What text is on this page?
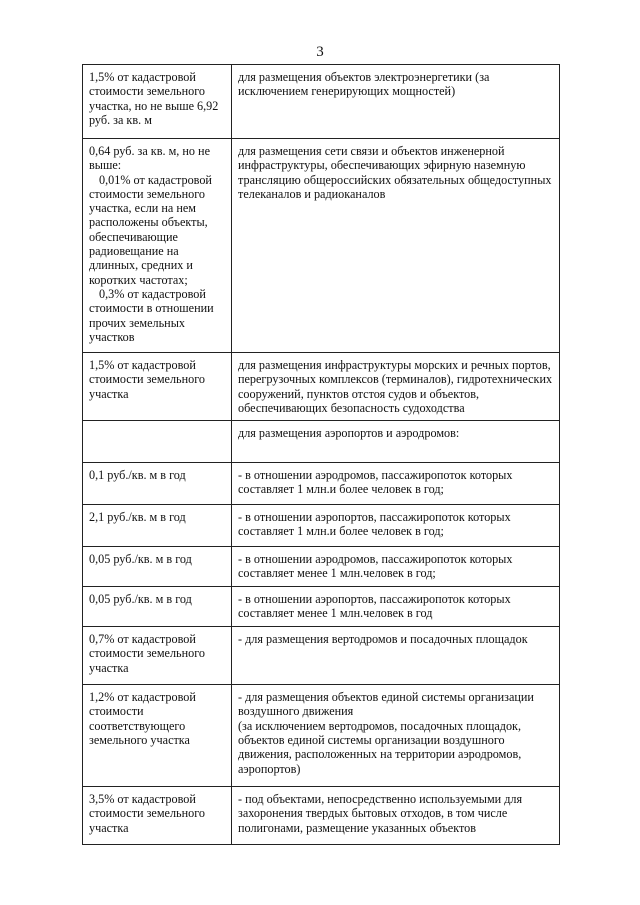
3
1,5% от кадастровой стоимости земельного участка, но не выше 6,92 руб. за кв. м	для размещения объектов электроэнергетики (за исключением генерирующих мощностей)

0,64 руб. за кв. м, но не выше:
0,01% от кадастровой стоимости земельного участка, если на нем расположены объекты, обеспечивающие радиовещание на длинных, средних и коротких частотах;
0,3% от кадастровой стоимости в отношении прочих земельных участков	для размещения сети связи и объектов инженерной инфраструктуры, обеспечивающих эфирную наземную трансляцию общероссийских обязательных общедоступных телеканалов и радиоканалов

1,5% от кадастровой стоимости земельного участка	для размещения инфраструктуры морских и речных портов, перегрузочных комплексов (терминалов), гидротехнических сооружений, пунктов отстоя судов и объектов, обеспечивающих безопасность судоходства

	для размещения аэропортов и аэродромов:

0,1 руб./кв. м в год	- в отношении аэродромов, пассажиропоток которых составляет 1 млн.и более человек в год;

2,1 руб./кв. м в год	- в отношении аэропортов, пассажиропоток которых составляет 1 млн.и более человек в год;

0,05 руб./кв. м в год	- в отношении аэродромов, пассажиропоток которых составляет менее 1 млн.человек в год;

0,05 руб./кв. м в год	- в отношении аэропортов, пассажиропоток которых составляет менее 1 млн.человек в год

0,7% от кадастровой стоимости земельного участка	- для размещения вертодромов и посадочных площадок

1,2% от кадастровой стоимости соответствующего земельного участка	- для размещения объектов единой системы организации воздушного движения
(за исключением вертодромов, посадочных площадок, объектов единой системы организации воздушного движения, расположенных на территории аэродромов, аэропортов)

3,5% от кадастровой стоимости земельного участка	- под объектами, непосредственно используемыми для захоронения твердых бытовых отходов, в том числе полигонами, размещение указанных объектов
